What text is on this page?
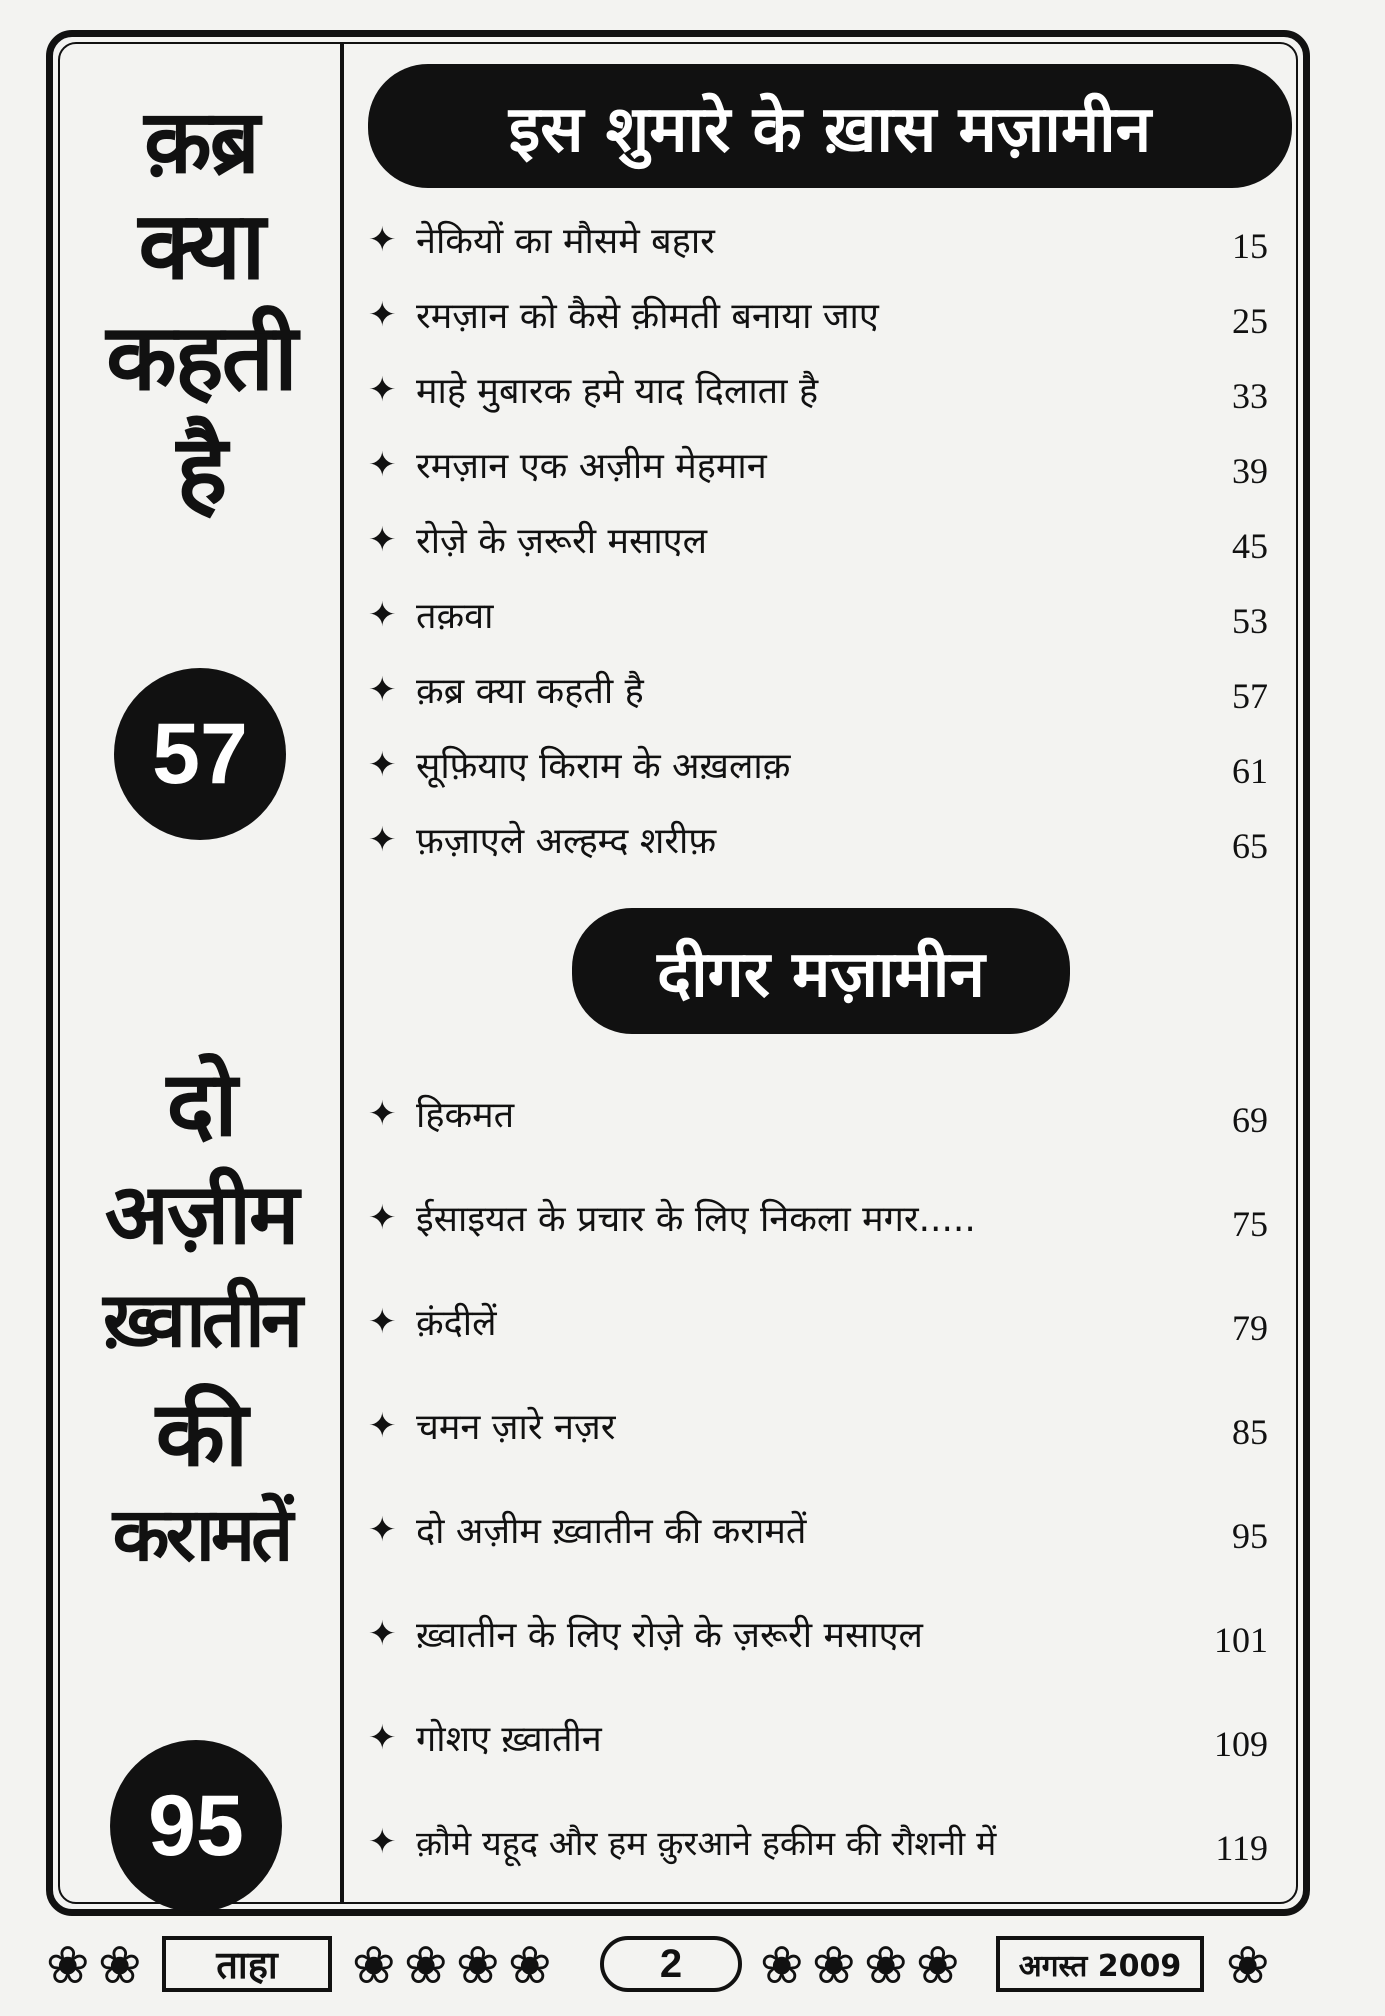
क़ब्र
क्या
कहती
है
57
दो
अज़ीम
ख़्वातीन
की
करामतें
95
इस शुमारे के ख़ास मज़ामीन
✦ नेकियों का मौसमे बहार	15
✦ रमज़ान को कैसे क़ीमती बनाया जाए	25
✦ माहे मुबारक हमे याद दिलाता है	33
✦ रमज़ान एक अज़ीम मेहमान	39
✦ रोज़े के ज़रूरी मसाएल	45
✦ तक़वा	53
✦ क़ब्र क्या कहती है	57
✦ सूफ़ियाए किराम के अख़लाक़	61
✦ फ़ज़ाएले अल्हम्द शरीफ़	65
दीगर मज़ामीन
✦ हिकमत	69
✦ ईसाइयत के प्रचार के लिए निकला मगर.....	75
✦ क़ंदीलें	79
✦ चमन ज़ारे नज़र	85
✦ दो अज़ीम ख़्वातीन की करामतें	95
✦ ख़्वातीन के लिए रोज़े के ज़रूरी मसाएल	101
✦ गोशए ख़्वातीन	109
✦ क़ौमे यहूद और हम क़ुरआने हकीम की रौशनी में	119
❀ ❀	ताहा	❀ ❀ ❀ ❀	2	❀ ❀ ❀ ❀	अगस्त 2009 ❀
